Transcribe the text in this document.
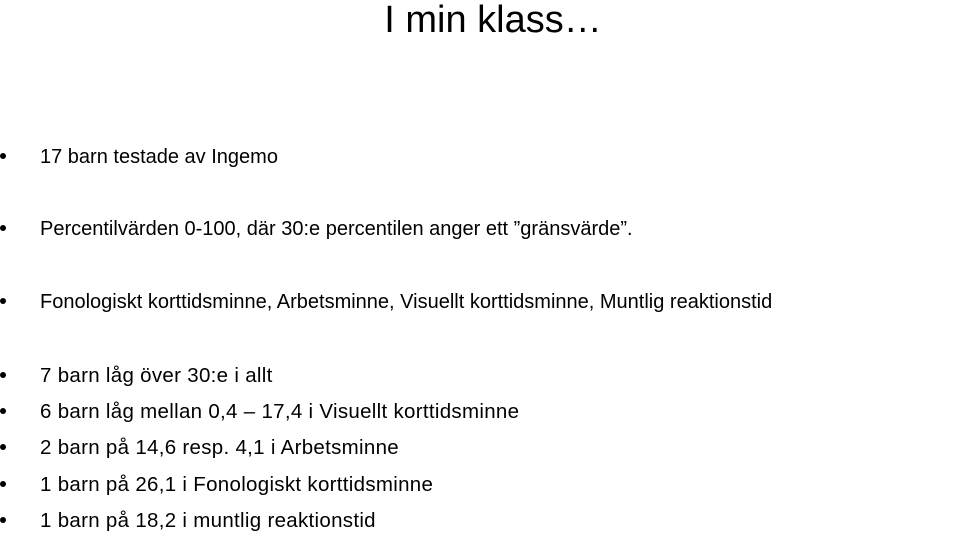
I min klass…
17 barn testade av Ingemo
Percentilvärden 0-100, där 30:e percentilen anger ett ”gränsvärde”.
Fonologiskt korttidsminne, Arbetsminne, Visuellt korttidsminne, Muntlig reaktionstid
7 barn låg över 30:e i allt
6 barn låg mellan 0,4 – 17,4 i Visuellt korttidsminne
2 barn på 14,6 resp. 4,1 i Arbetsminne
1 barn på 26,1 i Fonologiskt korttidsminne
1 barn på 18,2 i muntlig reaktionstid
